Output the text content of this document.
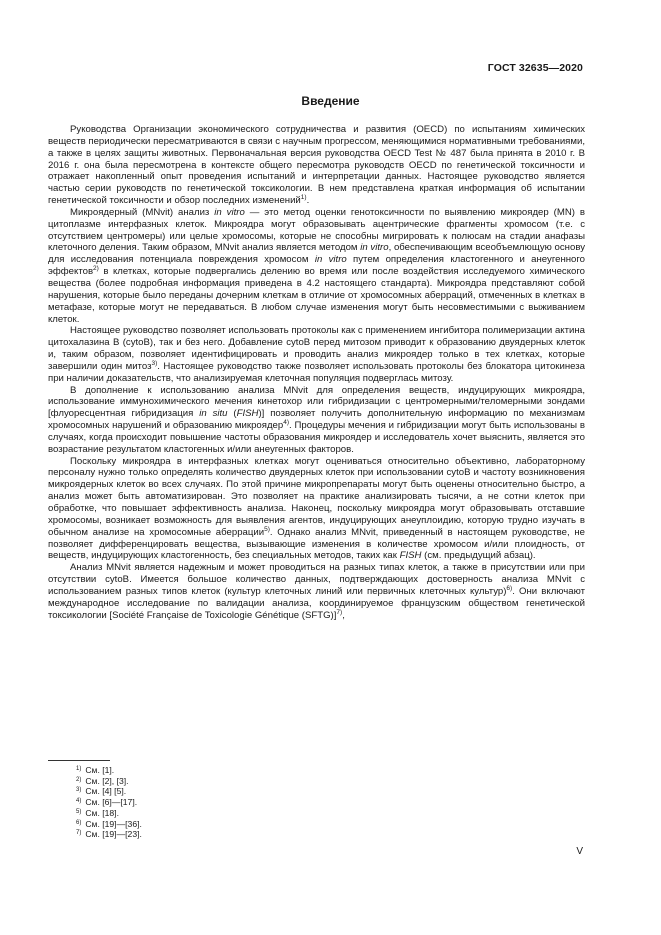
ГОСТ 32635—2020
Введение

Руководства Организации экономического сотрудничества и развития (OECD) по испытаниям химических веществ периодически пересматриваются в связи с научным прогрессом, меняющимися нормативными требованиями, а также в целях защиты животных. Первоначальная версия руководства OECD Test № 487 была принята в 2010 г. В 2016 г. она была пересмотрена в контексте общего пересмотра руководств OECD по генетической токсичности и отражает накопленный опыт проведения испытаний и интерпретации данных. Настоящее руководство является частью серии руководств по генетической токсикологии. В нем представлена краткая информация об испытании генетической токсичности и обзор последних изменений$^{1)}$.

Микроядерный (MNvit) анализ in vitro — это метод оценки генотоксичности по выявлению микроядер (MN) в цитоплазме интерфазных клеток. Микроядра могут образовывать ацентрические фрагменты хромосом (т.е. с отсутствием центромеры) или целые хромосомы, которые не способны мигрировать к полюсам на стадии анафазы клеточного деления. Таким образом, MNvit анализ является методом in vitro, обеспечивающим всеобъемлющую основу для исследования потенциала повреждения хромосом in vitro путем определения кластогенного и анеугенного эффектов$^{2)}$ в клетках, которые подвергались делению во время или после воздействия исследуемого химического вещества (более подробная информация приведена в 4.2 настоящего стандарта). Микроядра представляют собой нарушения, которые было переданы дочерним клеткам в отличие от хромосомных аберраций, отмеченных в клетках в метафазе, которые могут не передаваться. В любом случае изменения могут быть несовместимыми с выживанием клеток.

Настоящее руководство позволяет использовать протоколы как с применением ингибитора полимеризации актина цитохалазина B (cytoB), так и без него. Добавление cytoB перед митозом приводит к образованию двуядерных клеток и, таким образом, позволяет идентифицировать и проводить анализ микроядер только в тех клетках, которые завершили один митоз$^{3)}$. Настоящее руководство также позволяет использовать протоколы без блокатора цитокинеза при наличии доказательств, что анализируемая клеточная популяция подверглась митозу.

В дополнение к использованию анализа MNvit для определения веществ, индуцирующих микроядра, использование иммунохимического мечения кинетохор или гибридизации с центромерными/теломерными зондами [флуоресцентная гибридизация in situ (FISH)] позволяет получить дополнительную информацию по механизмам хромосомных нарушений и образованию микроядер$^{4)}$. Процедуры мечения и гибридизации могут быть использованы в случаях, когда происходит повышение частоты образования микроядер и исследователь хочет выяснить, является это возрастание результатом кластогенных и/или анеугенных факторов.

Поскольку микроядра в интерфазных клетках могут оцениваться относительно объективно, лабораторному персоналу нужно только определять количество двуядерных клеток при использовании cytoB и частоту возникновения микроядерных клеток во всех случаях. По этой причине микропрепараты могут быть оценены относительно быстро, а анализ может быть автоматизирован. Это позволяет на практике анализировать тысячи, а не сотни клеток при обработке, что повышает эффективность анализа. Наконец, поскольку микроядра могут образовывать отставшие хромосомы, возникает возможность для выявления агентов, индуцирующих анеуплоидию, которую трудно изучать в обычном анализе на хромосомные аберрации$^{5)}$. Однако анализ MNvit, приведенный в настоящем руководстве, не позволяет дифференцировать вещества, вызывающие изменения в количестве хромосом и/или плоидность, от веществ, индуцирующих кластогенность, без специальных методов, таких как FISH (см. предыдущий абзац).

Анализ MNvit является надежным и может проводиться на разных типах клеток, а также в присутствии или при отсутствии cytoB. Имеется большое количество данных, подтверждающих достоверность анализа MNvit с использованием разных типов клеток (культур клеточных линий или первичных клеточных культур)$^{6)}$. Они включают международное исследование по валидации анализа, координируемое французским обществом генетической токсикологии [Société Française de Toxicologie Génétique (SFTG)]$^{7)}$,

$^{1)}$ См. [1].
$^{2)}$ См. [2], [3].
$^{3)}$ См. [4] [5].
$^{4)}$ См. [6]—[17].
$^{5)}$ См. [18].
$^{6)}$ См. [19]—[36].
$^{7)}$ См. [19]—[23].
V
